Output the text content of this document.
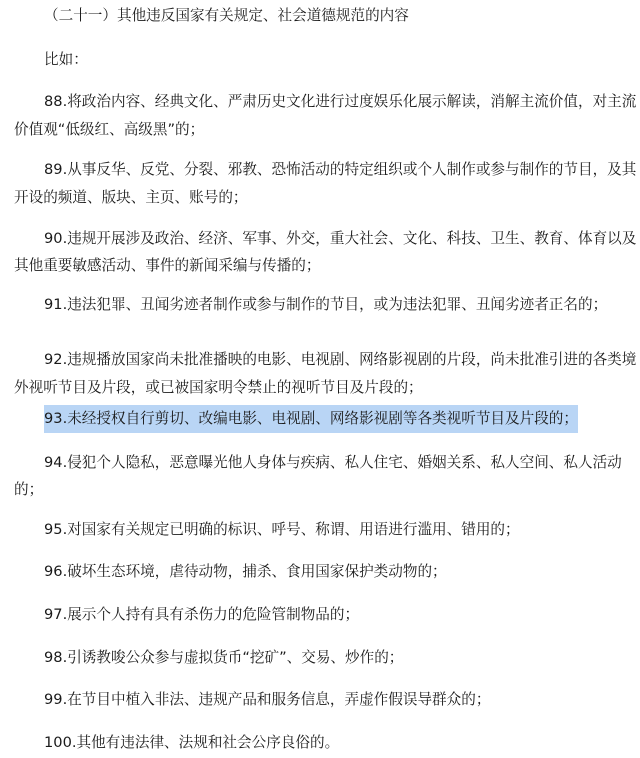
（二十一）其他违反国家有关规定、社会道德规范的内容
比如：
88.将政治内容、经典文化、严肃历史文化进行过度娱乐化展示解读，消解主流价值，对主流
价值观“低级红、高级黑”的；
89.从事反华、反党、分裂、邪教、恐怖活动的特定组织或个人制作或参与制作的节目，及其
开设的频道、版块、主页、账号的；
90.违规开展涉及政治、经济、军事、外交，重大社会、文化、科技、卫生、教育、体育以及
其他重要敏感活动、事件的新闻采编与传播的；
91.违法犯罪、丑闻劣迹者制作或参与制作的节目，或为违法犯罪、丑闻劣迹者正名的；
92.违规播放国家尚未批准播映的电影、电视剧、网络影视剧的片段，尚未批准引进的各类境
外视听节目及片段，或已被国家明令禁止的视听节目及片段的；
93.未经授权自行剪切、改编电影、电视剧、网络影视剧等各类视听节目及片段的；
94.侵犯个人隐私，恶意曝光他人身体与疾病、私人住宅、婚姻关系、私人空间、私人活动
的；
95.对国家有关规定已明确的标识、呼号、称谓、用语进行滥用、错用的；
96.破坏生态环境，虐待动物，捕杀、食用国家保护类动物的；
97.展示个人持有具有杀伤力的危险管制物品的；
98.引诱教唆公众参与虚拟货币“挖矿”、交易、炒作的；
99.在节目中植入非法、违规产品和服务信息，弄虚作假误导群众的；
100.其他有违法律、法规和社会公序良俗的。
